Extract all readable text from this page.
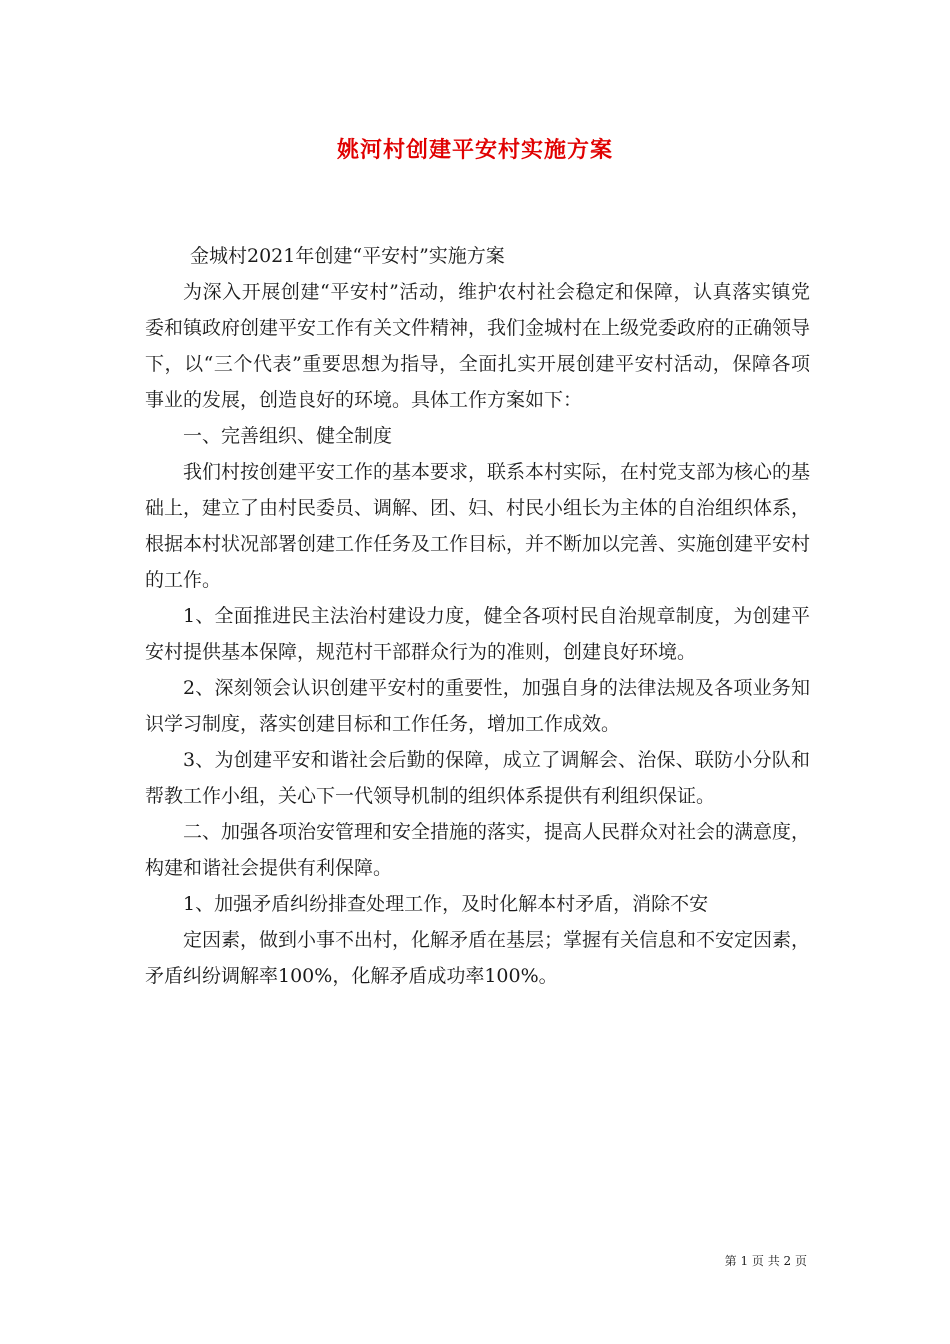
姚河村创建平安村实施方案

金城村2021年创建“平安村”实施方案

为深入开展创建“平安村”活动，维护农村社会稳定和保障，认真落实镇党委和镇政府创建平安工作有关文件精神，我们金城村在上级党委政府的正确领导下，以“三个代表”重要思想为指导，全面扎实开展创建平安村活动，保障各项事业的发展，创造良好的环境。具体工作方案如下：

一、完善组织、健全制度

我们村按创建平安工作的基本要求，联系本村实际，在村党支部为核心的基础上，建立了由村民委员、调解、团、妇、村民小组长为主体的自治组织体系，根据本村状况部署创建工作任务及工作目标，并不断加以完善、实施创建平安村的工作。

1、全面推进民主法治村建设力度，健全各项村民自治规章制度，为创建平安村提供基本保障，规范村干部群众行为的准则，创建良好环境。

2、深刻领会认识创建平安村的重要性，加强自身的法律法规及各项业务知识学习制度，落实创建目标和工作任务，增加工作成效。

3、为创建平安和谐社会后勤的保障，成立了调解会、治保、联防小分队和帮教工作小组，关心下一代领导机制的组织体系提供有利组织保证。

二、加强各项治安管理和安全措施的落实，提高人民群众对社会的满意度，构建和谐社会提供有利保障。

1、加强矛盾纠纷排查处理工作，及时化解本村矛盾，消除不安

定因素，做到小事不出村，化解矛盾在基层；掌握有关信息和不安定因素，矛盾纠纷调解率100%，化解矛盾成功率100%。

第 1 页 共 2 页
